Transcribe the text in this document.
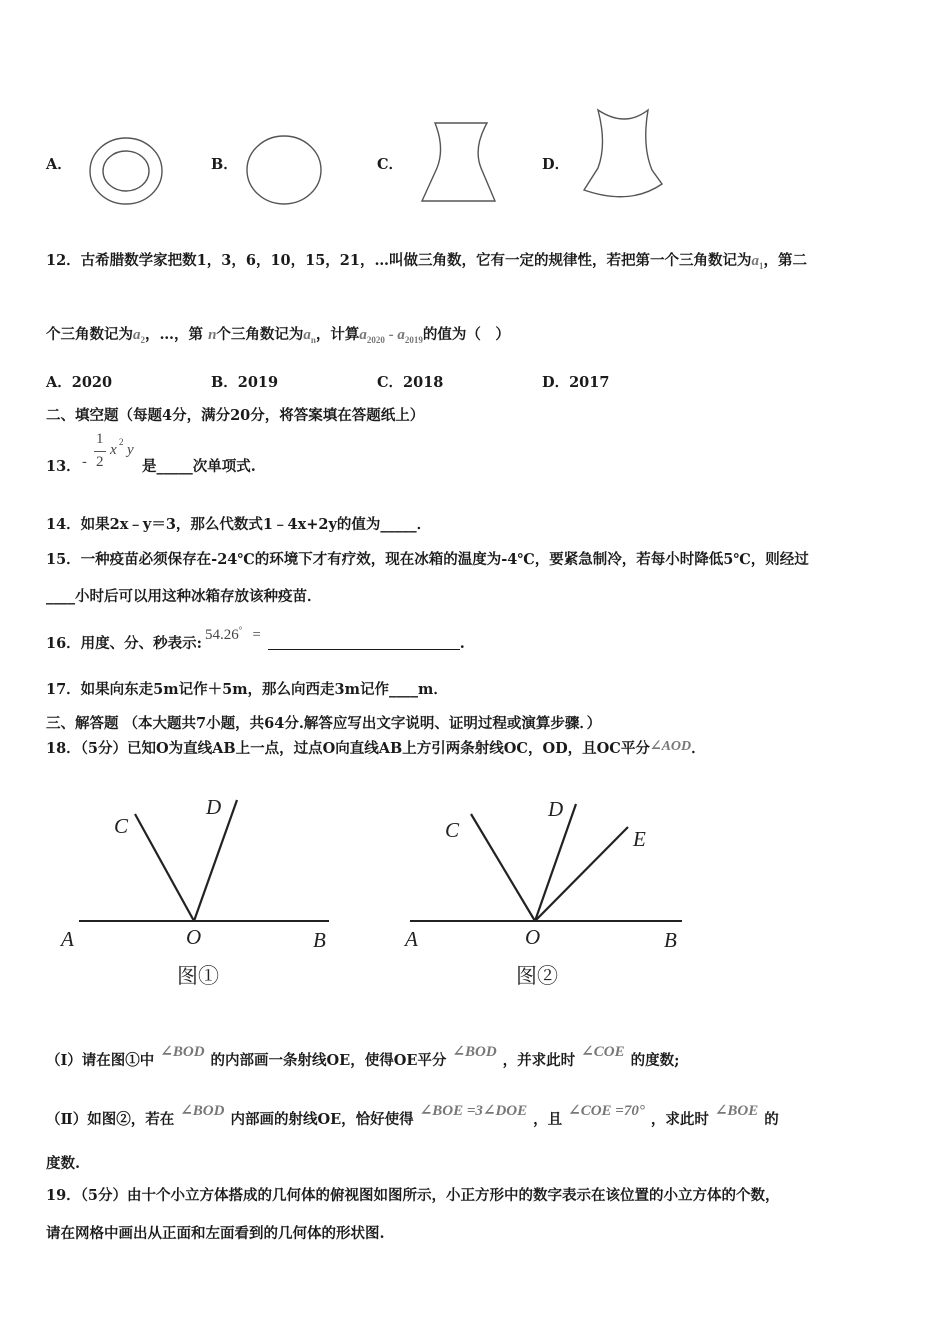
A．	B．	C．	D．
12．古希腊数学家把数1，3，6，10，15，21，…叫做三角数，它有一定的规律性，若把第一个三角数记为$a_1$，第二
个三角数记为$a_2$，…，第 n个三角数记为$a_n$，计算$a_{2020} - a_{2019}$的值为（　）
A．2020	B．2019	C．2018	D．2017
二、填空题（每题4分，满分20分，将答案填在答题纸上）
13． -
1
2
x 2 y
是_____次单项式.
14．如果2x﹣y＝3，那么代数式1﹣4x+2y的值为_____．
15．一种疫苗必须保存在-24℃的环境下才有疗效，现在冰箱的温度为-4℃，要紧急制冷，若每小时降低5℃，则经过
____小时后可以用这种冰箱存放该种疫苗．
16．用度、分、秒表示: 54.26° =	.
17．如果向东走5m记作＋5m，那么向西走3m记作____m．
三、解答题 （本大题共7小题，共64分.解答应写出文字说明、证明过程或演算步骤．）
18．（5分）已知O为直线AB上一点，过点O向直线AB上方引两条射线OC，OD，且OC平分∠AOD．
A	O	B
C
D
图①
A	O	B
C
D
E
图②
（Ⅰ）请在图①中 ∠BOD 的内部画一条射线OE，使得OE平分 ∠BOD ，并求此时 ∠COE 的度数;
（Ⅱ）如图②，若在 ∠BOD 内部画的射线OE，恰好使得 ∠BOE =3∠DOE ，且 ∠COE =70° ，求此时 ∠BOE 的
度数.
19．（5分）由十个小立方体搭成的几何体的俯视图如图所示，小正方形中的数字表示在该位置的小立方体的个数，
请在网格中画出从正面和左面看到的几何体的形状图.
